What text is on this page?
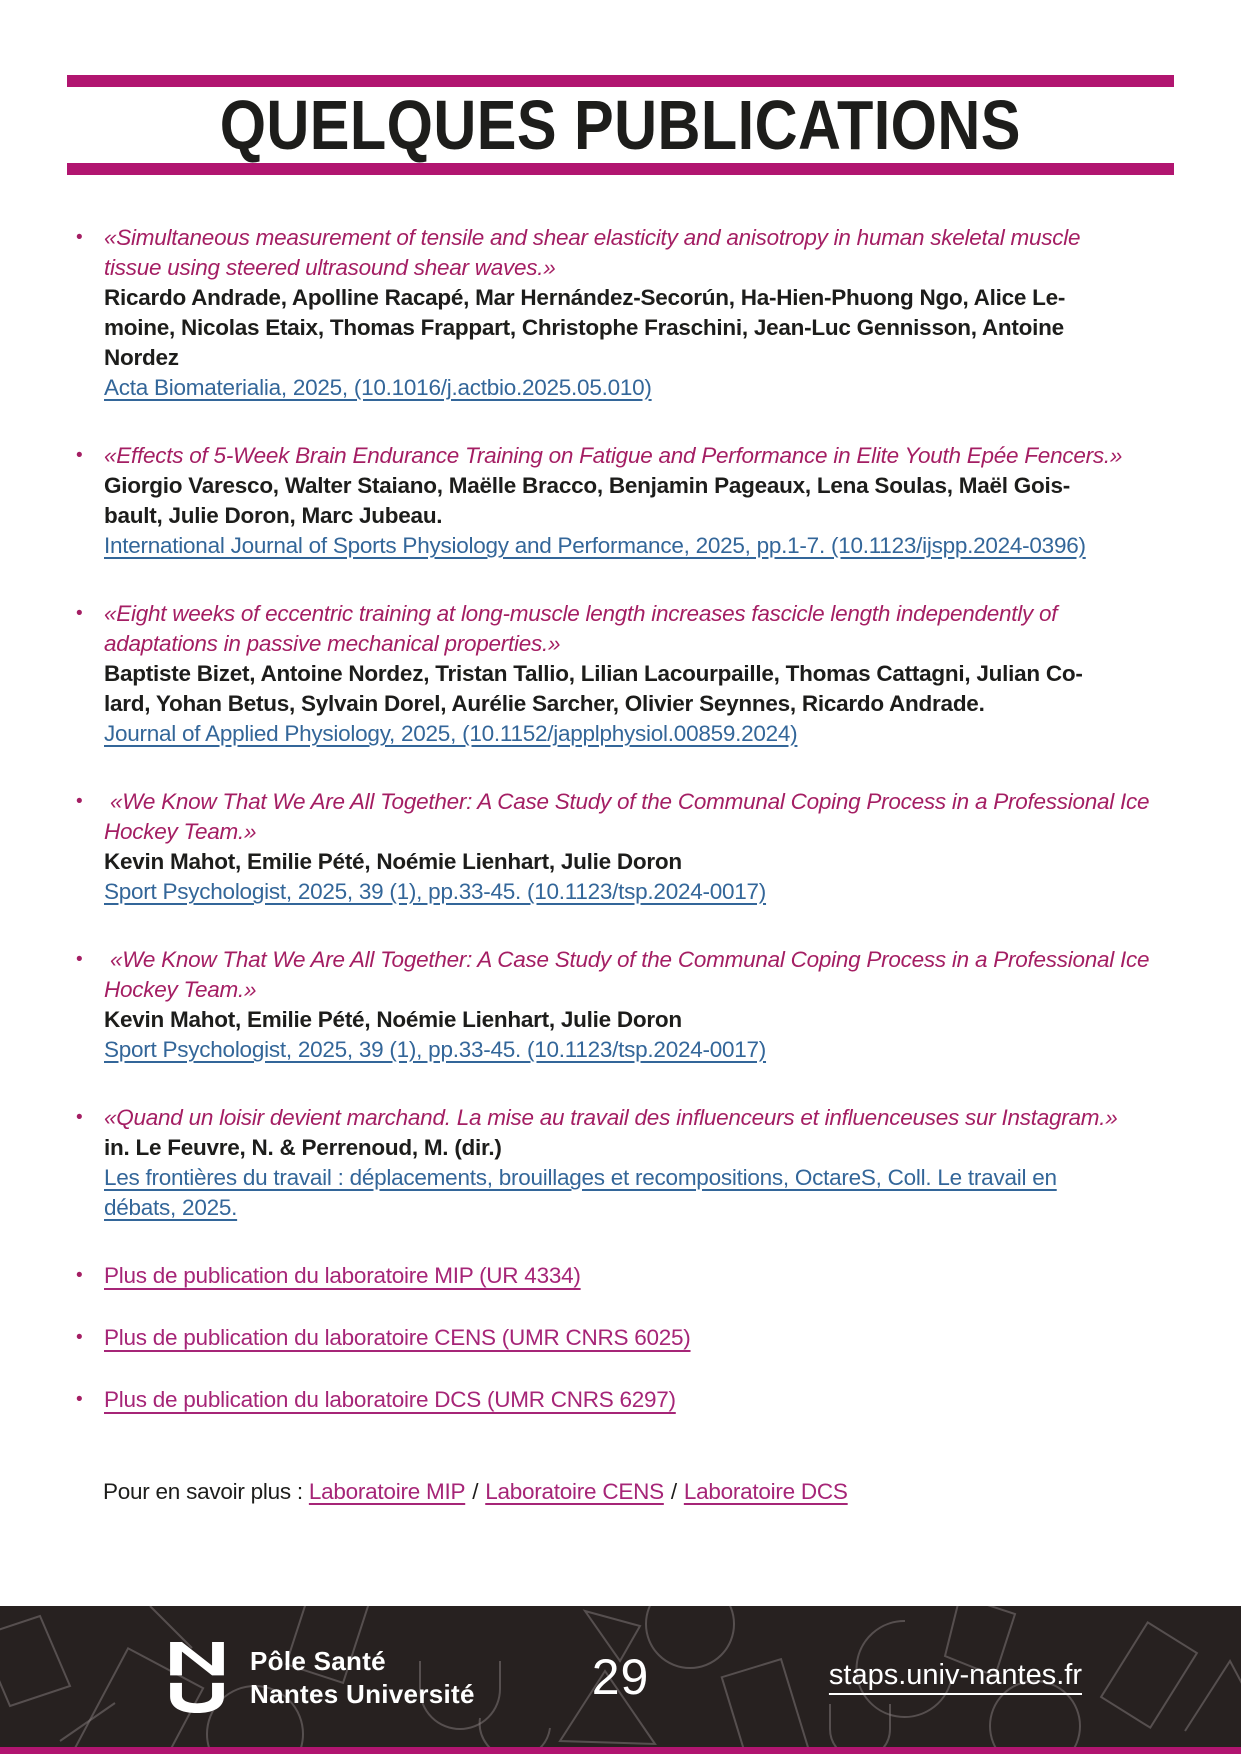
QUELQUES PUBLICATIONS
• «Simultaneous measurement of tensile and shear elasticity and anisotropy in human skeletal muscle
tissue using steered ultrasound shear waves.»
Ricardo Andrade, Apolline Racapé, Mar Hernández-Secorún, Ha-Hien-Phuong Ngo, Alice Le-
moine, Nicolas Etaix, Thomas Frappart, Christophe Fraschini, Jean-Luc Gennisson, Antoine
Nordez
Acta Biomaterialia, 2025, (10.1016/j.actbio.2025.05.010)
• «Effects of 5-Week Brain Endurance Training on Fatigue and Performance in Elite Youth Epée Fencers.»
Giorgio Varesco, Walter Staiano, Maëlle Bracco, Benjamin Pageaux, Lena Soulas, Maël Gois-
bault, Julie Doron, Marc Jubeau.
International Journal of Sports Physiology and Performance, 2025, pp.1-7. (10.1123/ijspp.2024-0396)
• «Eight weeks of eccentric training at long-muscle length increases fascicle length independently of
adaptations in passive mechanical properties.»
Baptiste Bizet, Antoine Nordez, Tristan Tallio, Lilian Lacourpaille, Thomas Cattagni, Julian Co-
lard, Yohan Betus, Sylvain Dorel, Aurélie Sarcher, Olivier Seynnes, Ricardo Andrade.
Journal of Applied Physiology, 2025, (10.1152/japplphysiol.00859.2024)
• «We Know That We Are All Together: A Case Study of the Communal Coping Process in a Professional Ice
Hockey Team.»
Kevin Mahot, Emilie Pété, Noémie Lienhart, Julie Doron
Sport Psychologist, 2025, 39 (1), pp.33-45. (10.1123/tsp.2024-0017)
• «We Know That We Are All Together: A Case Study of the Communal Coping Process in a Professional Ice
Hockey Team.»
Kevin Mahot, Emilie Pété, Noémie Lienhart, Julie Doron
Sport Psychologist, 2025, 39 (1), pp.33-45. (10.1123/tsp.2024-0017)
• «Quand un loisir devient marchand. La mise au travail des influenceurs et influenceuses sur Instagram.»
in. Le Feuvre, N. & Perrenoud, M. (dir.)
Les frontières du travail : déplacements, brouillages et recompositions, OctareS, Coll. Le travail en
débats, 2025.
• Plus de publication du laboratoire MIP (UR 4334)
• Plus de publication du laboratoire CENS (UMR CNRS 6025)
• Plus de publication du laboratoire DCS (UMR CNRS 6297)

Pour en savoir plus : Laboratoire MIP / Laboratoire CENS / Laboratoire DCS

Pôle Santé
Nantes Université	29	staps.univ-nantes.fr
